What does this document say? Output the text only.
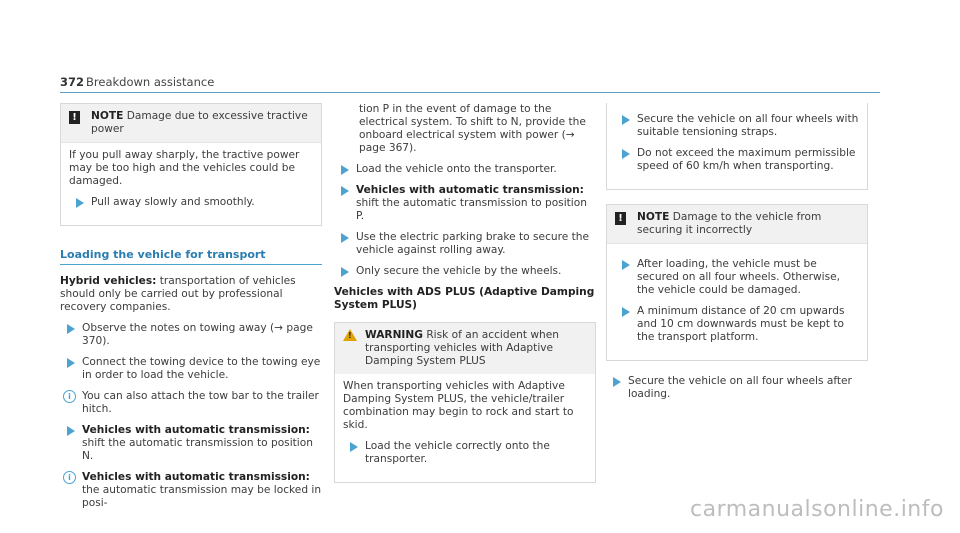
372 Breakdown assistance
!	NOTE Damage due to excessive tractive power

If you pull away sharply, the tractive power may be too high and the vehicles could be damaged.

Pull away slowly and smoothly.
Loading the vehicle for transport

Hybrid vehicles: transportation of vehicles should only be carried out by professional recovery companies.

Observe the notes on towing away (→ page 370).
Connect the towing device to the towing eye in order to load the vehicle.
i	You can also attach the tow bar to the trailer hitch.
Vehicles with automatic transmission: shift the automatic transmission to position N.
i	Vehicles with automatic transmission: the automatic transmission may be locked in posi-

tion P in the event of damage to the electrical system. To shift to N, provide the onboard electrical system with power (→ page 367).

Load the vehicle onto the transporter.
Vehicles with automatic transmission: shift the automatic transmission to position P.
Use the electric parking brake to secure the vehicle against rolling away.
Only secure the vehicle by the wheels.
Vehicles with ADS PLUS (Adaptive Damping System PLUS)
! WARNING Risk of an accident when transporting vehicles with Adaptive Damping System PLUS

When transporting vehicles with Adaptive Damping System PLUS, the vehicle/trailer combination may begin to rock and start to skid.

Load the vehicle correctly onto the transporter.
Secure the vehicle on all four wheels with suitable tensioning straps.
Do not exceed the maximum permissible speed of 60 km/h when transporting.
!	NOTE Damage to the vehicle from securing it incorrectly
After loading, the vehicle must be secured on all four wheels. Otherwise, the vehicle could be damaged.
A minimum distance of 20 cm upwards and 10 cm downwards must be kept to the transport platform.
Secure the vehicle on all four wheels after loading.
carmanualsonline.info
